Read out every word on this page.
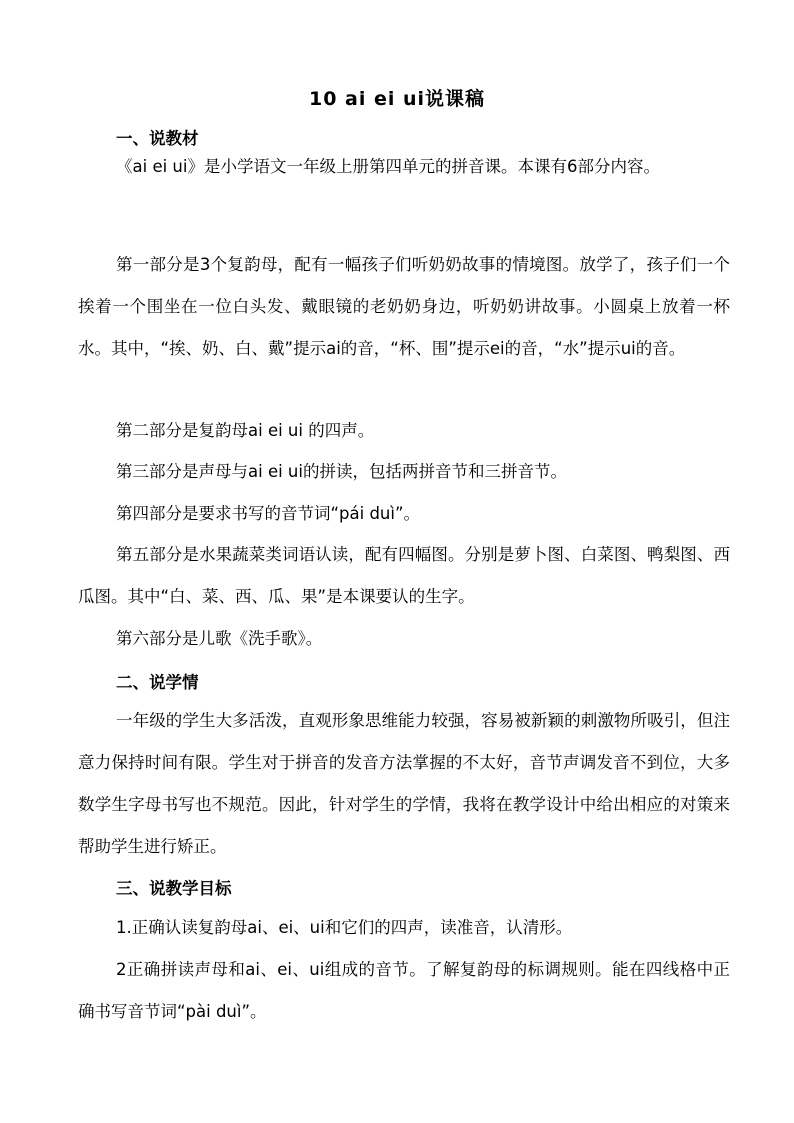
10 ai ei ui说课稿
一、说教材

《ai ei ui》是小学语文一年级上册第四单元的拼音课。本课有6部分内容。

第一部分是3个复韵母，配有一幅孩子们听奶奶故事的情境图。放学了，孩子们一个挨着一个围坐在一位白头发、戴眼镜的老奶奶身边，听奶奶讲故事。小圆桌上放着一杯水。其中，“挨、奶、白、戴”提示ai的音，“杯、围”提示ei的音，“水”提示ui的音。

第二部分是复韵母ai ei ui 的四声。

第三部分是声母与ai ei ui的拼读，包括两拼音节和三拼音节。

第四部分是要求书写的音节词“pái duì”。

第五部分是水果蔬菜类词语认读，配有四幅图。分别是萝卜图、白菜图、鸭梨图、西瓜图。其中“白、菜、西、瓜、果”是本课要认的生字。

第六部分是儿歌《洗手歌》。

二、说学情

一年级的学生大多活泼，直观形象思维能力较强，容易被新颖的刺激物所吸引，但注意力保持时间有限。学生对于拼音的发音方法掌握的不太好，音节声调发音不到位，大多数学生字母书写也不规范。因此，针对学生的学情，我将在教学设计中给出相应的对策来帮助学生进行矫正。

三、说教学目标

1.正确认读复韵母ai、ei、ui和它们的四声，读准音，认清形。

2正确拼读声母和ai、ei、ui组成的音节。了解复韵母的标调规则。能在四线格中正确书写音节词“pài duì”。
